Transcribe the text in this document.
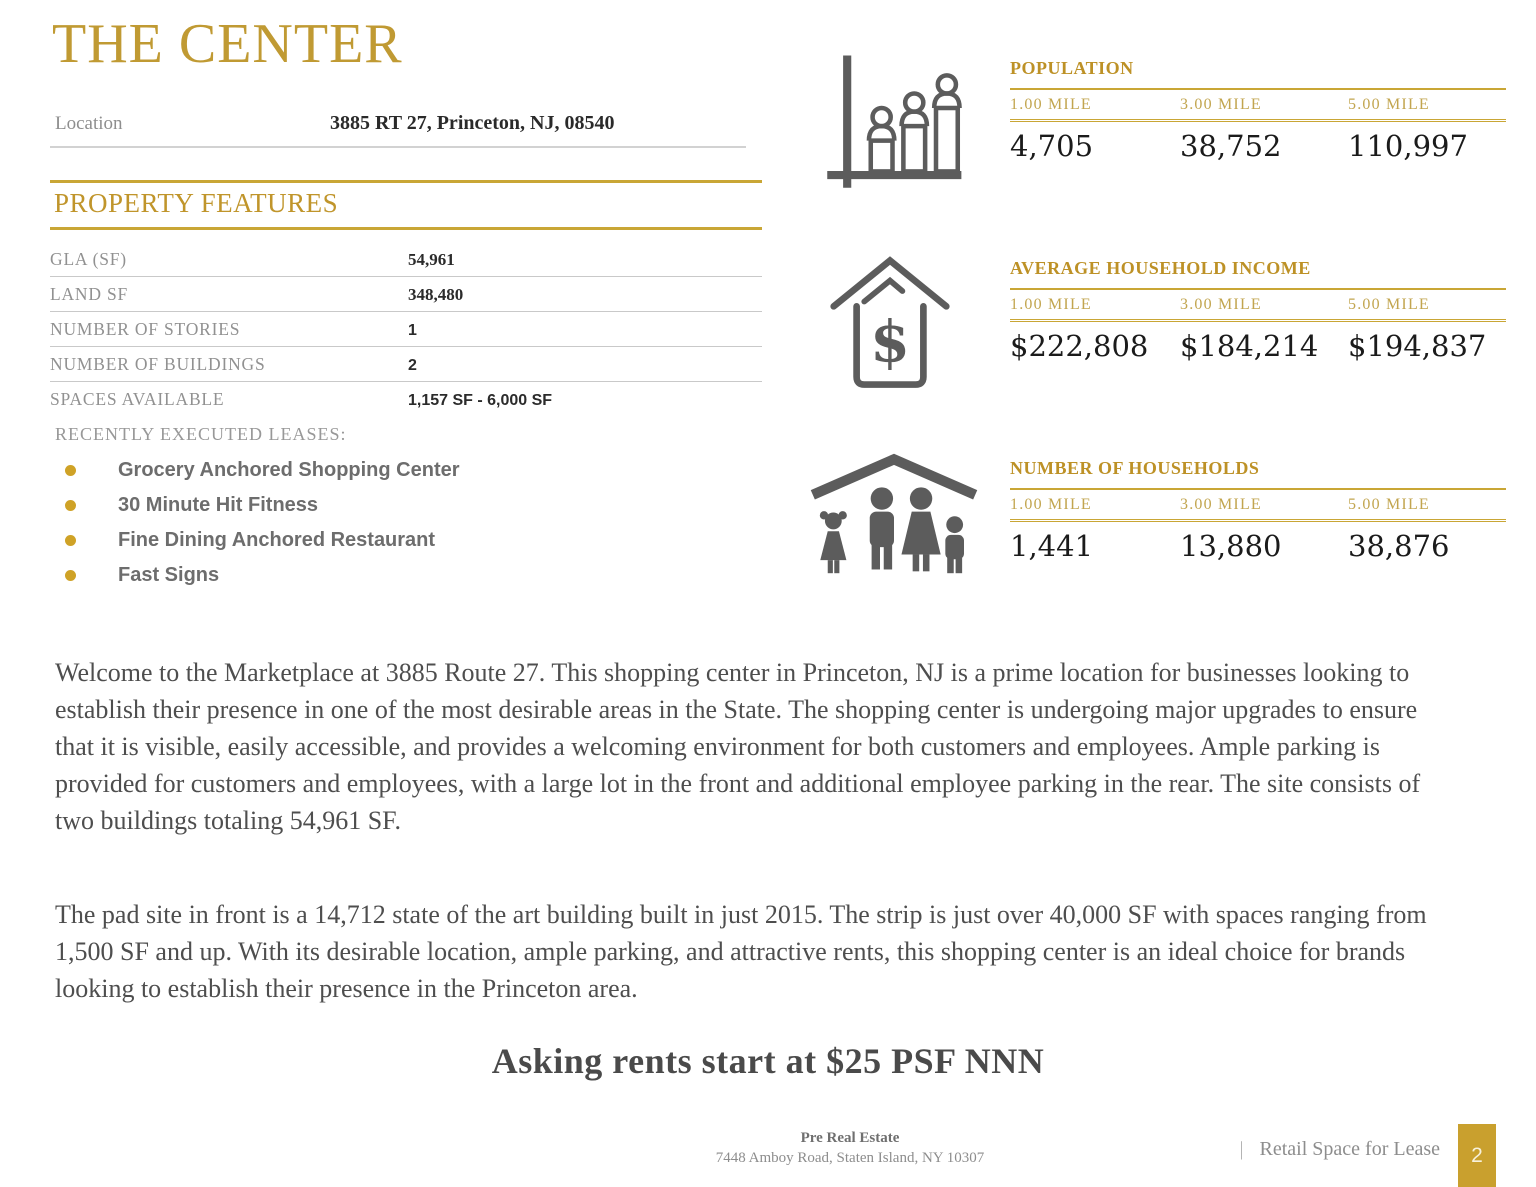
THE CENTER
Location	3885 RT 27, Princeton, NJ, 08540
PROPERTY FEATURES
GLA (SF)	54,961
LAND SF	348,480
NUMBER OF STORIES	1
NUMBER OF BUILDINGS	2
SPACES AVAILABLE	1,157 SF - 6,000 SF
RECENTLY EXECUTED LEASES:
Grocery Anchored Shopping Center
30 Minute Hit Fitness
Fine Dining Anchored Restaurant
Fast Signs
$
POPULATION
1.00 MILE	3.00 MILE	5.00 MILE
4,705	38,752	110,997
AVERAGE HOUSEHOLD INCOME
1.00 MILE	3.00 MILE	5.00 MILE
$222,808	$184,214	$194,837
NUMBER OF HOUSEHOLDS
1.00 MILE	3.00 MILE	5.00 MILE
1,441	13,880	38,876

Welcome to the Marketplace at 3885 Route 27. This shopping center in Princeton, NJ is a prime location for businesses looking to establish their presence in one of the most desirable areas in the State. The shopping center is undergoing major upgrades to ensure that it is visible, easily accessible, and provides a welcoming environment for both customers and employees. Ample parking is provided for customers and employees, with a large lot in the front and additional employee parking in the rear. The site consists of two buildings totaling 54,961 SF.

The pad site in front is a 14,712 state of the art building built in just 2015. The strip is just over 40,000 SF with spaces ranging from 1,500 SF and up. With its desirable location, ample parking, and attractive rents, this shopping center is an ideal choice for brands looking to establish their presence in the Princeton area.

Asking rents start at $25 PSF NNN
Pre Real Estate
7448 Amboy Road, Staten Island, NY 10307	| Retail Space for Lease	2
